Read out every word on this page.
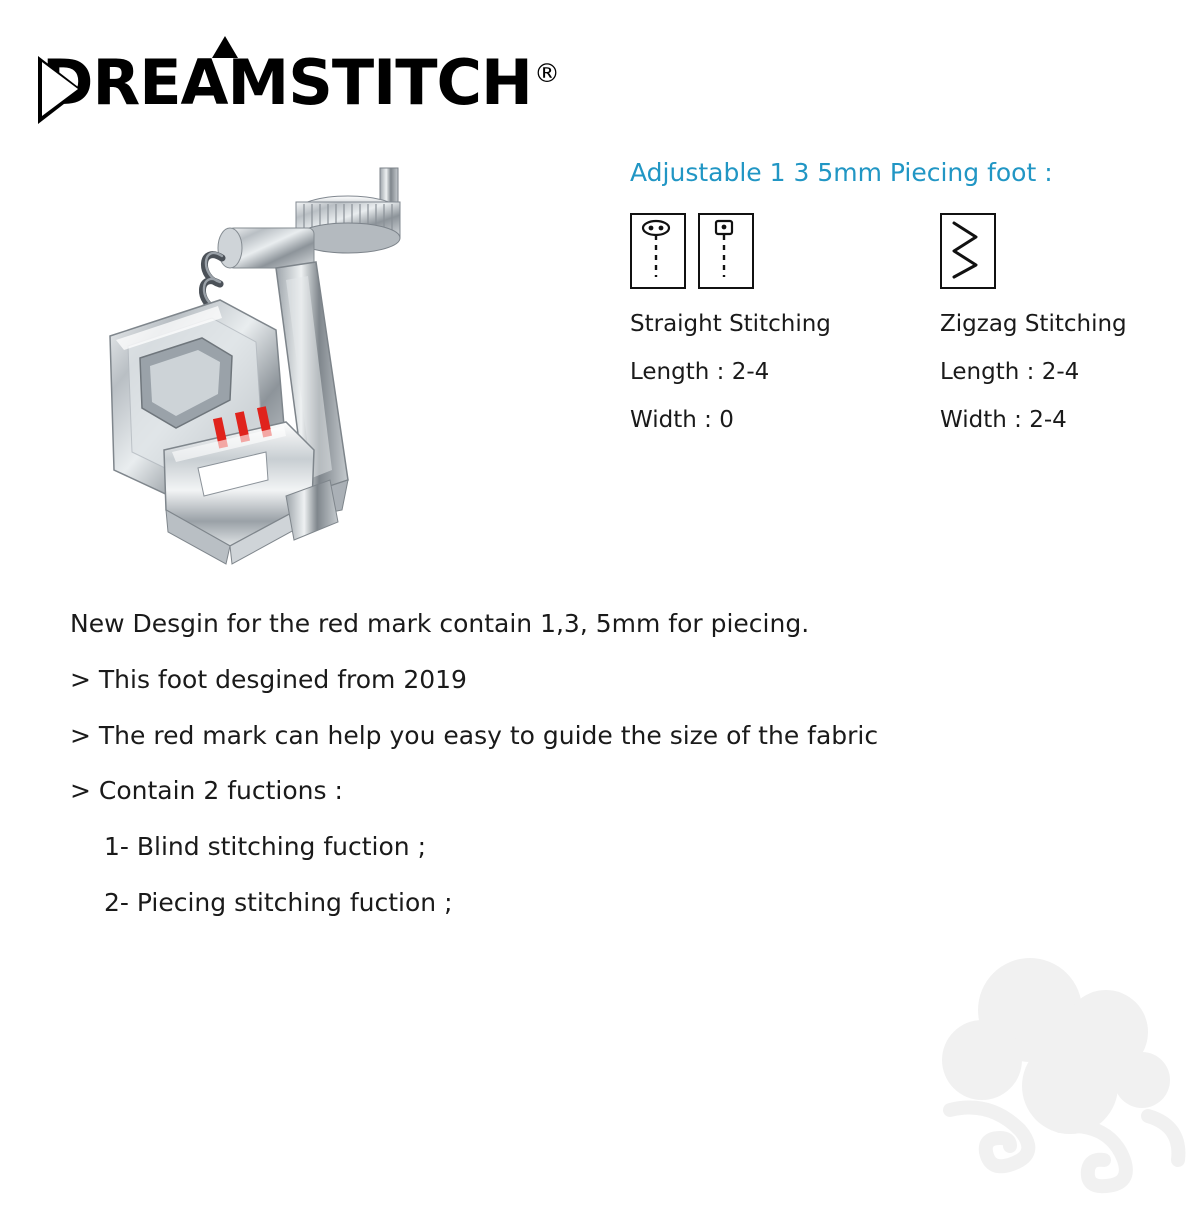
DREAMSTITCH®
Adjustable 1 3 5mm Piecing foot :
Straight Stitching
Length : 2-4
Width : 0
Zigzag Stitching
Length : 2-4
Width : 2-4
New Desgin for the red mark contain 1,3, 5mm for piecing.
> This foot desgined from 2019
> The red mark can help you easy to guide the size of the fabric
> Contain 2 fuctions :
1- Blind stitching fuction ;
2- Piecing stitching fuction ;
